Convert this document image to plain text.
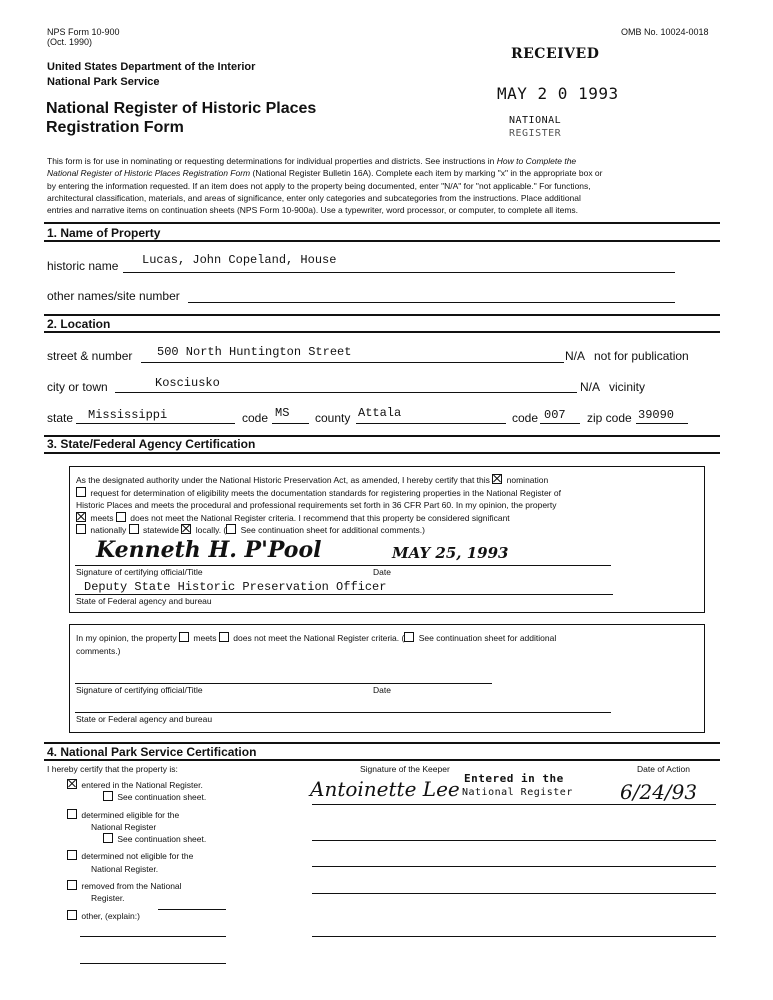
NPS Form 10-900
(Oct. 1990)
OMB No. 10024-0018
United States Department of the Interior
National Park Service
National Register of Historic Places
Registration Form
RECEIVED
MAY 2 0 1993
NATIONAL
REGISTER
This form is for use in nominating or requesting determinations for individual properties and districts. See instructions in How to Complete the
National Register of Historic Places Registration Form (National Register Bulletin 16A). Complete each item by marking "x" in the appropriate box or
by entering the information requested. If an item does not apply to the property being documented, enter "N/A" for "not applicable." For functions,
architectural classification, materials, and areas of significance, enter only categories and subcategories from the instructions. Place additional
entries and narrative items on continuation sheets (NPS Form 10-900a). Use a typewriter, word processor, or computer, to complete all items.
1. Name of Property
historic name Lucas, John Copeland, House
other names/site number
2. Location
street & number 500 North Huntington Street	N/A not for publication
city or town	Kosciusko	N/A vicinity
state Mississippi	code MS county Attala	code 007 zip code 39090
3. State/Federal Agency Certification
As the designated authority under the National Historic Preservation Act, as amended, I hereby certify that this nomination
request for determination of eligibility meets the documentation standards for registering properties in the National Register of
Historic Places and meets the procedural and professional requirements set forth in 36 CFR Part 60. In my opinion, the property
meets does not meet the National Register criteria. I recommend that this property be considered significant
nationally statewide locally. ( See continuation sheet for additional comments.)
Kenneth H. P'Pool	MAY 25, 1993
Signature of certifying official/Title	Date
Deputy State Historic Preservation Officer
State of Federal agency and bureau
In my opinion, the property meets does not meet the National Register criteria. ( See continuation sheet for additional
comments.)
Signature of certifying official/Title	Date
State or Federal agency and bureau
4. National Park Service Certification
I hereby certify that the property is:	Signature of the Keeper	Date of Action
Antoinette Lee Entered in the
National Register 6/24/93
entered in the National Register.
See continuation sheet.
determined eligible for the
National Register
See continuation sheet.
determined not eligible for the
National Register.
removed from the National
Register.
other, (explain:)
